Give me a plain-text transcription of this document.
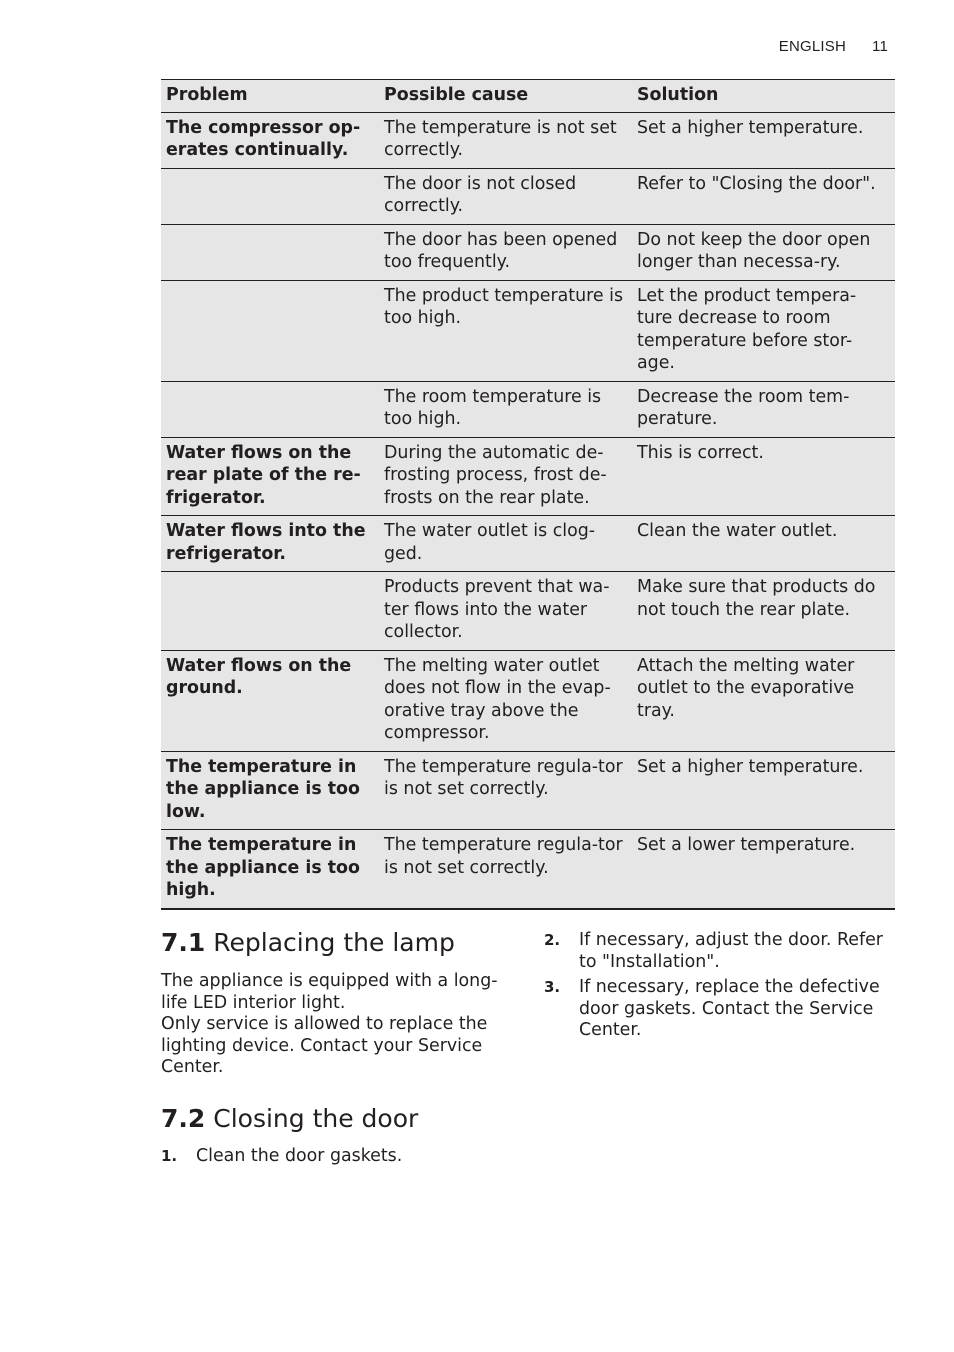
ENGLISH 11
Problem	Possible cause	Solution
The compressor op-erates continually.	The temperature is not set correctly.	Set a higher temperature.
	The door is not closed correctly.	Refer to "Closing the door".
	The door has been opened too frequently.	Do not keep the door open longer than necessa-ry.
	The product temperature is too high.	Let the product tempera-ture decrease to room temperature before stor-age.
	The room temperature is too high.	Decrease the room tem-perature.
Water flows on the rear plate of the re-frigerator.	During the automatic de-frosting process, frost de-frosts on the rear plate.	This is correct.
Water flows into the refrigerator.	The water outlet is clog-ged.	Clean the water outlet.
	Products prevent that wa-ter flows into the water collector.	Make sure that products do not touch the rear plate.
Water flows on the ground.	The melting water outlet does not flow in the evap-orative tray above the compressor.	Attach the melting water outlet to the evaporative tray.
The temperature in the appliance is too low.	The temperature regula-tor is not set correctly.	Set a higher temperature.
The temperature in the appliance is too high.	The temperature regula-tor is not set correctly.	Set a lower temperature.
7.1 Replacing the lamp

The appliance is equipped with a long-life LED interior light.
Only service is allowed to replace the lighting device. Contact your Service Center.

7.2 Closing the door
1.	Clean the door gaskets.
2.	If necessary, adjust the door. Refer to "Installation".
3.	If necessary, replace the defective door gaskets. Contact the Service Center.
